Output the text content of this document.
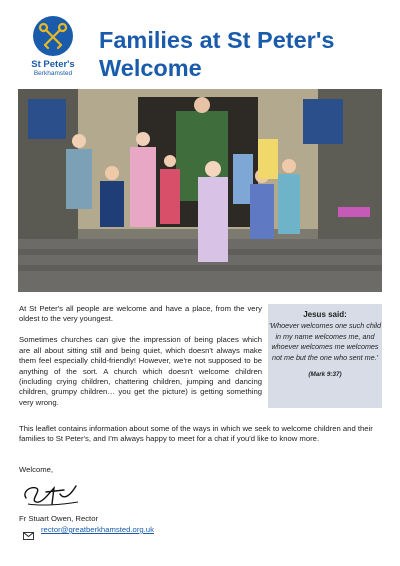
St Peter's
Berkhamsted
Families at St Peter's Welcome

At St Peter's all people are welcome and have a place, from the very oldest to the very youngest.

Sometimes churches can give the impression of being places which are all about sitting still and being quiet, which doesn't always make them feel especially child-friendly! However, we're not supposed to be anything of the sort. A church which doesn't welcome children (including crying children, chattering children, jumping and dancing children, grumpy children… you get the picture) is getting something very wrong.

Jesus said:
'Whoever welcomes one such child in my name welcomes me, and whoever welcomes me welcomes not me but the one who sent me.'
(Mark 9:37)

This leaflet contains information about some of the ways in which we seek to welcome children and their families to St Peter's, and I'm always happy to meet for a chat if you'd like to know more.

Welcome,

Fr Stuart Owen, Rector

rector@greatberkhamsted.org.uk
